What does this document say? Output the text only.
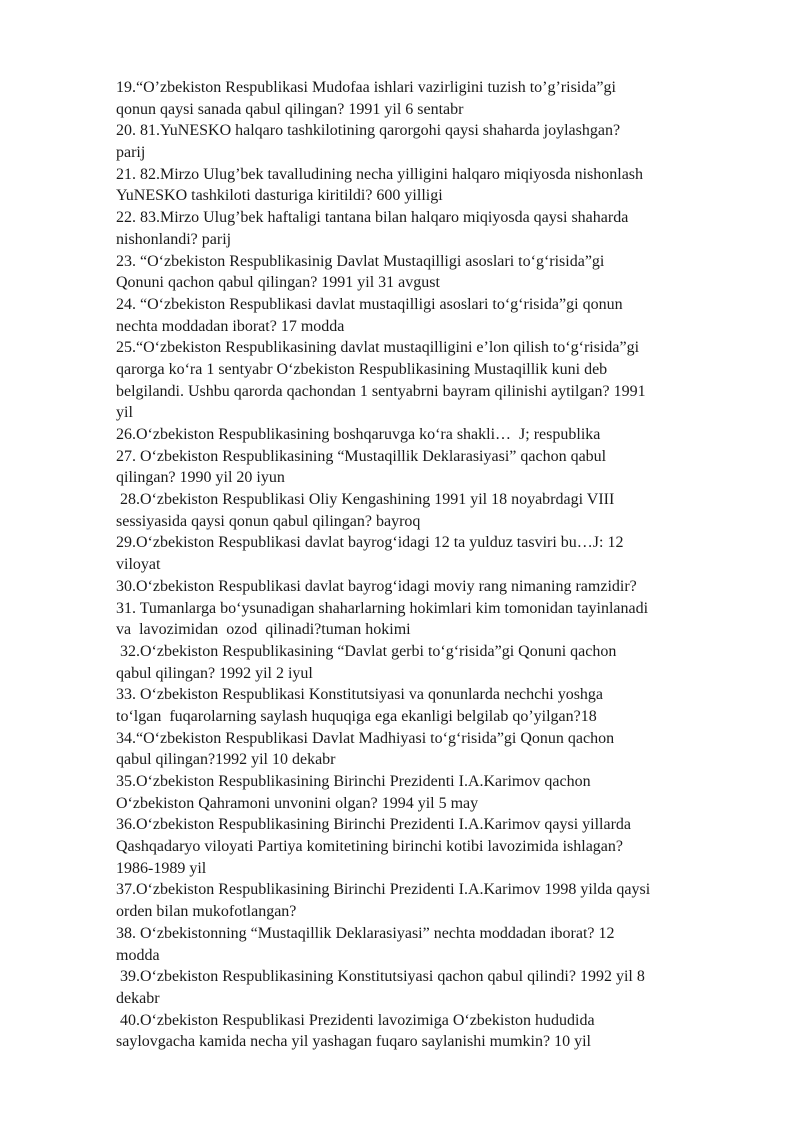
19.“O’zbekiston Respublikasi Mudofaa ishlari vazirligini tuzish to’g’risida”gi
qonun qaysi sanada qabul qilingan? 1991 yil 6 sentabr
20. 81.YuNESKO halqaro tashkilotining qarorgohi qaysi shaharda joylashgan?
parij
21. 82.Mirzo Ulug’bek tavalludining necha yilligini halqaro miqiyosda nishonlash
YuNESKO tashkiloti dasturiga kiritildi? 600 yilligi
22. 83.Mirzo Ulug’bek haftaligi tantana bilan halqaro miqiyosda qaysi shaharda
nishonlandi? parij
23. “O‘zbekiston Respublikasinig Davlat Mustaqilligi asoslari to‘g‘risida”gi
Qonuni qachon qabul qilingan? 1991 yil 31 avgust
24. “O‘zbekiston Respublikasi davlat mustaqilligi asoslari to‘g‘risida”gi qonun
nechta moddadan iborat? 17 modda
25.“O‘zbekiston Respublikasining davlat mustaqilligini e’lon qilish to‘g‘risida”gi
qarorga ko‘ra 1 sentyabr O‘zbekiston Respublikasining Mustaqillik kuni deb
belgilandi. Ushbu qarorda qachondan 1 sentyabrni bayram qilinishi aytilgan? 1991
yil
26.O‘zbekiston Respublikasining boshqaruvga ko‘ra shakli…  J; respublika
27. O‘zbekiston Respublikasining “Mustaqillik Deklarasiyasi” qachon qabul
qilingan? 1990 yil 20 iyun
28.O‘zbekiston Respublikasi Oliy Kengashining 1991 yil 18 noyabrdagi VIII
sessiyasida qaysi qonun qabul qilingan? bayroq
29.O‘zbekiston Respublikasi davlat bayrog‘idagi 12 ta yulduz tasviri bu…J: 12
viloyat
30.O‘zbekiston Respublikasi davlat bayrog‘idagi moviy rang nimaning ramzidir?
31. Tumanlarga bo‘ysunadigan shaharlarning hokimlari kim tomonidan tayinlanadi
va  lavozimidan  ozod  qilinadi?tuman hokimi
32.O‘zbekiston Respublikasining “Davlat gerbi to‘g‘risida”gi Qonuni qachon
qabul qilingan? 1992 yil 2 iyul
33. O‘zbekiston Respublikasi Konstitutsiyasi va qonunlarda nechchi yoshga
to‘lgan  fuqarolarning saylash huquqiga ega ekanligi belgilab qo’yilgan?18
34.“O‘zbekiston Respublikasi Davlat Madhiyasi to‘g‘risida”gi Qonun qachon
qabul qilingan?1992 yil 10 dekabr
35.O‘zbekiston Respublikasining Birinchi Prezidenti I.A.Karimov qachon
O‘zbekiston Qahramoni unvonini olgan? 1994 yil 5 may
36.O‘zbekiston Respublikasining Birinchi Prezidenti I.A.Karimov qaysi yillarda
Qashqadaryo viloyati Partiya komitetining birinchi kotibi lavozimida ishlagan?
1986-1989 yil
37.O‘zbekiston Respublikasining Birinchi Prezidenti I.A.Karimov 1998 yilda qaysi
orden bilan mukofotlangan?
38. O‘zbekistonning “Mustaqillik Deklarasiyasi” nechta moddadan iborat? 12
modda
39.O‘zbekiston Respublikasining Konstitutsiyasi qachon qabul qilindi? 1992 yil 8
dekabr
40.O‘zbekiston Respublikasi Prezidenti lavozimiga O‘zbekiston hududida
saylovgacha kamida necha yil yashagan fuqaro saylanishi mumkin? 10 yil
